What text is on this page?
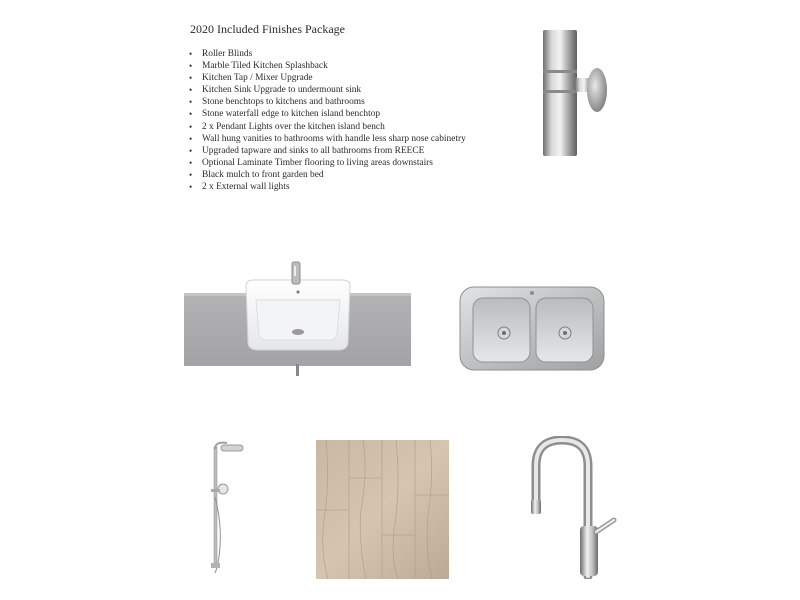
2020 Included Finishes Package
• Roller Blinds
• Marble Tiled Kitchen Splashback
• Kitchen Tap / Mixer Upgrade
• Kitchen Sink Upgrade to undermount sink
• Stone benchtops to kitchens and bathrooms
• Stone waterfall edge to kitchen island benchtop
• 2 x Pendant Lights over the kitchen island bench
• Wall hung vanities to bathrooms with handle less sharp nose cabinetry
• Upgraded tapware and sinks to all bathrooms from REECE
• Optional Laminate Timber flooring to living areas downstairs
• Black mulch to front garden bed
• 2 x External wall lights
